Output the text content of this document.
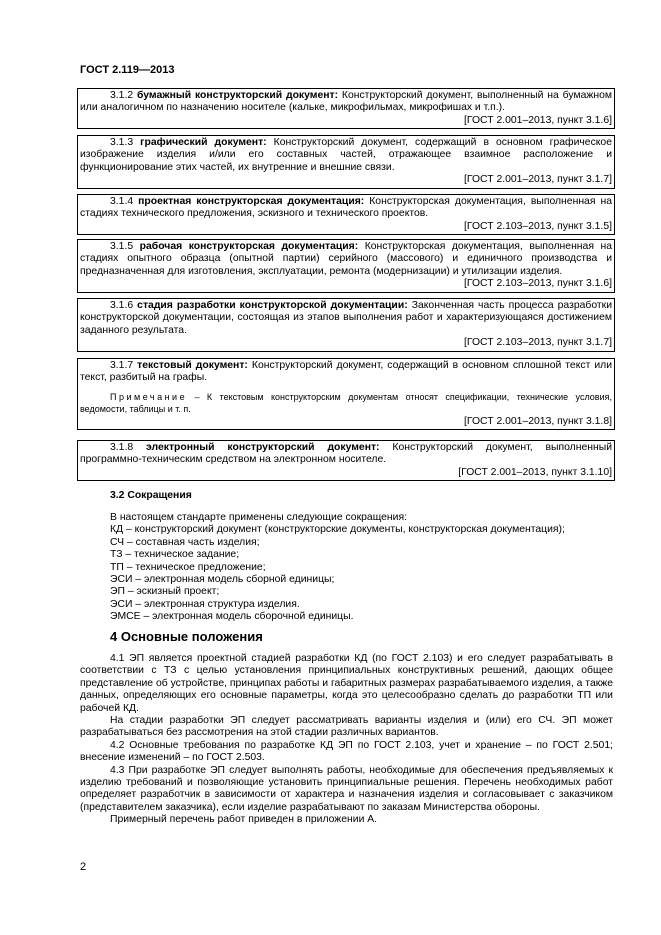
ГОСТ 2.119—2013

3.1.2 бумажный конструкторский документ: Конструкторский документ, выполненный на бумажном или аналогичном по назначению носителе (кальке, микрофильмах, микрофишах и т.п.).

[ГОСТ 2.001–2013, пункт 3.1.6]

3.1.3 графический документ: Конструкторский документ, содержащий в основном графическое изображение изделия и/или его составных частей, отражающее взаимное расположение и функционирование этих частей, их внутренние и внешние связи.

[ГОСТ 2.001–2013, пункт 3.1.7]

3.1.4 проектная конструкторская документация: Конструкторская документация, выполненная на стадиях технического предложения, эскизного и технического проектов.

[ГОСТ 2.103–2013, пункт 3.1.5]

3.1.5 рабочая конструкторская документация: Конструкторская документация, выполненная на стадиях опытного образца (опытной партии) серийного (массового) и единичного производства и предназначенная для изготовления, эксплуатации, ремонта (модернизации) и утилизации изделия.

[ГОСТ 2.103–2013, пункт 3.1.6]

3.1.6 стадия разработки конструкторской документации: Законченная часть процесса разработки конструкторской документации, состоящая из этапов выполнения работ и характеризующаяся достижением заданного результата.

[ГОСТ 2.103–2013, пункт 3.1.7]

3.1.7 текстовый документ: Конструкторский документ, содержащий в основном сплошной текст или текст, разбитый на графы.

Примечание – К текстовым конструкторским документам относят спецификации, технические условия, ведомости, таблицы и т. п.

[ГОСТ 2.001–2013, пункт 3.1.8]

3.1.8 электронный конструкторский документ: Конструкторский документ, выполненный программно-техническим средством на электронном носителе.

[ГОСТ 2.001–2013, пункт 3.1.10]

3.2 Сокращения
В настоящем стандарте применены следующие сокращения:
КД – конструкторский документ (конструкторские документы, конструкторская документация);
СЧ – составная часть изделия;
ТЗ – техническое задание;
ТП – техническое предложение;
ЭСИ – электронная модель сборной единицы;
ЭП – эскизный проект;
ЭСИ – электронная структура изделия.
ЭМСЕ – электронная модель сборочной единицы.
4 Основные положения

4.1 ЭП является проектной стадией разработки КД (по ГОСТ 2.103) и его следует разрабатывать в соответствии с ТЗ с целью установления принципиальных конструктивных решений, дающих общее представление об устройстве, принципах работы и габаритных размерах разрабатываемого изделия, а также данных, определяющих его основные параметры, когда это целесообразно сделать до разработки ТП или рабочей КД.

На стадии разработки ЭП следует рассматривать варианты изделия и (или) его СЧ. ЭП может разрабатываться без рассмотрения на этой стадии различных вариантов.

4.2 Основные требования по разработке КД ЭП по ГОСТ 2.103, учет и хранение – по ГОСТ 2.501; внесение изменений – по ГОСТ 2.503.

4.3 При разработке ЭП следует выполнять работы, необходимые для обеспечения предъявляемых к изделию требований и позволяющие установить принципиальные решения. Перечень необходимых работ определяет разработчик в зависимости от характера и назначения изделия и согласовывает с заказчиком (представителем заказчика), если изделие разрабатывают по заказам Министерства обороны.

Примерный перечень работ приведен в приложении А.

2
